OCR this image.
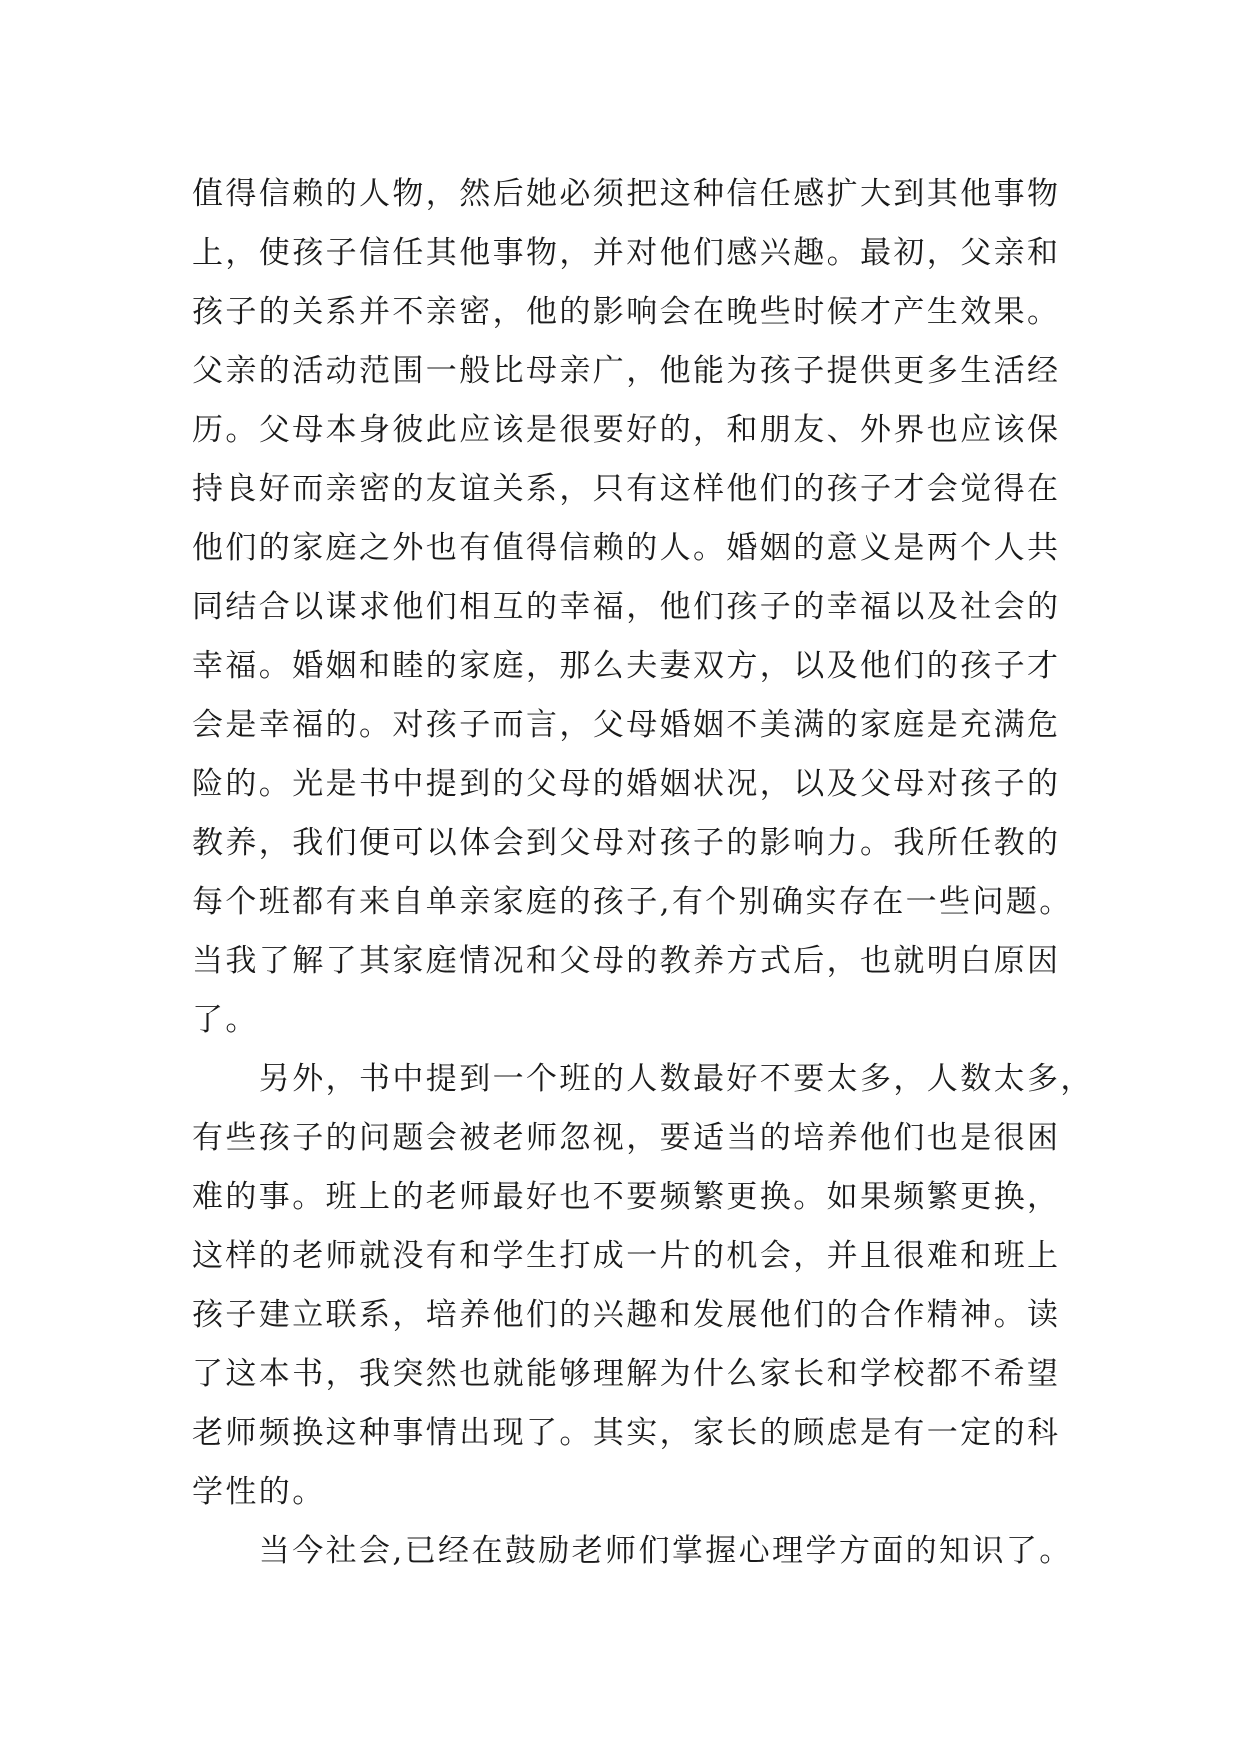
值得信赖的人物，然后她必须把这种信任感扩大到其他事物
上，使孩子信任其他事物，并对他们感兴趣。最初，父亲和
孩子的关系并不亲密，他的影响会在晚些时候才产生效果。
父亲的活动范围一般比母亲广，他能为孩子提供更多生活经
历。父母本身彼此应该是很要好的，和朋友、外界也应该保
持良好而亲密的友谊关系，只有这样他们的孩子才会觉得在
他们的家庭之外也有值得信赖的人。婚姻的意义是两个人共
同结合以谋求他们相互的幸福，他们孩子的幸福以及社会的
幸福。婚姻和睦的家庭，那么夫妻双方，以及他们的孩子才
会是幸福的。对孩子而言，父母婚姻不美满的家庭是充满危
险的。光是书中提到的父母的婚姻状况，以及父母对孩子的
教养，我们便可以体会到父母对孩子的影响力。我所任教的
每个班都有来自单亲家庭的孩子,有个别确实存在一些问题。
当我了解了其家庭情况和父母的教养方式后，也就明白原因
了。
　　另外，书中提到一个班的人数最好不要太多，人数太多，
有些孩子的问题会被老师忽视，要适当的培养他们也是很困
难的事。班上的老师最好也不要频繁更换。如果频繁更换，
这样的老师就没有和学生打成一片的机会，并且很难和班上
孩子建立联系，培养他们的兴趣和发展他们的合作精神。读
了这本书，我突然也就能够理解为什么家长和学校都不希望
老师频换这种事情出现了。其实，家长的顾虑是有一定的科
学性的。
　　当今社会,已经在鼓励老师们掌握心理学方面的知识了。
